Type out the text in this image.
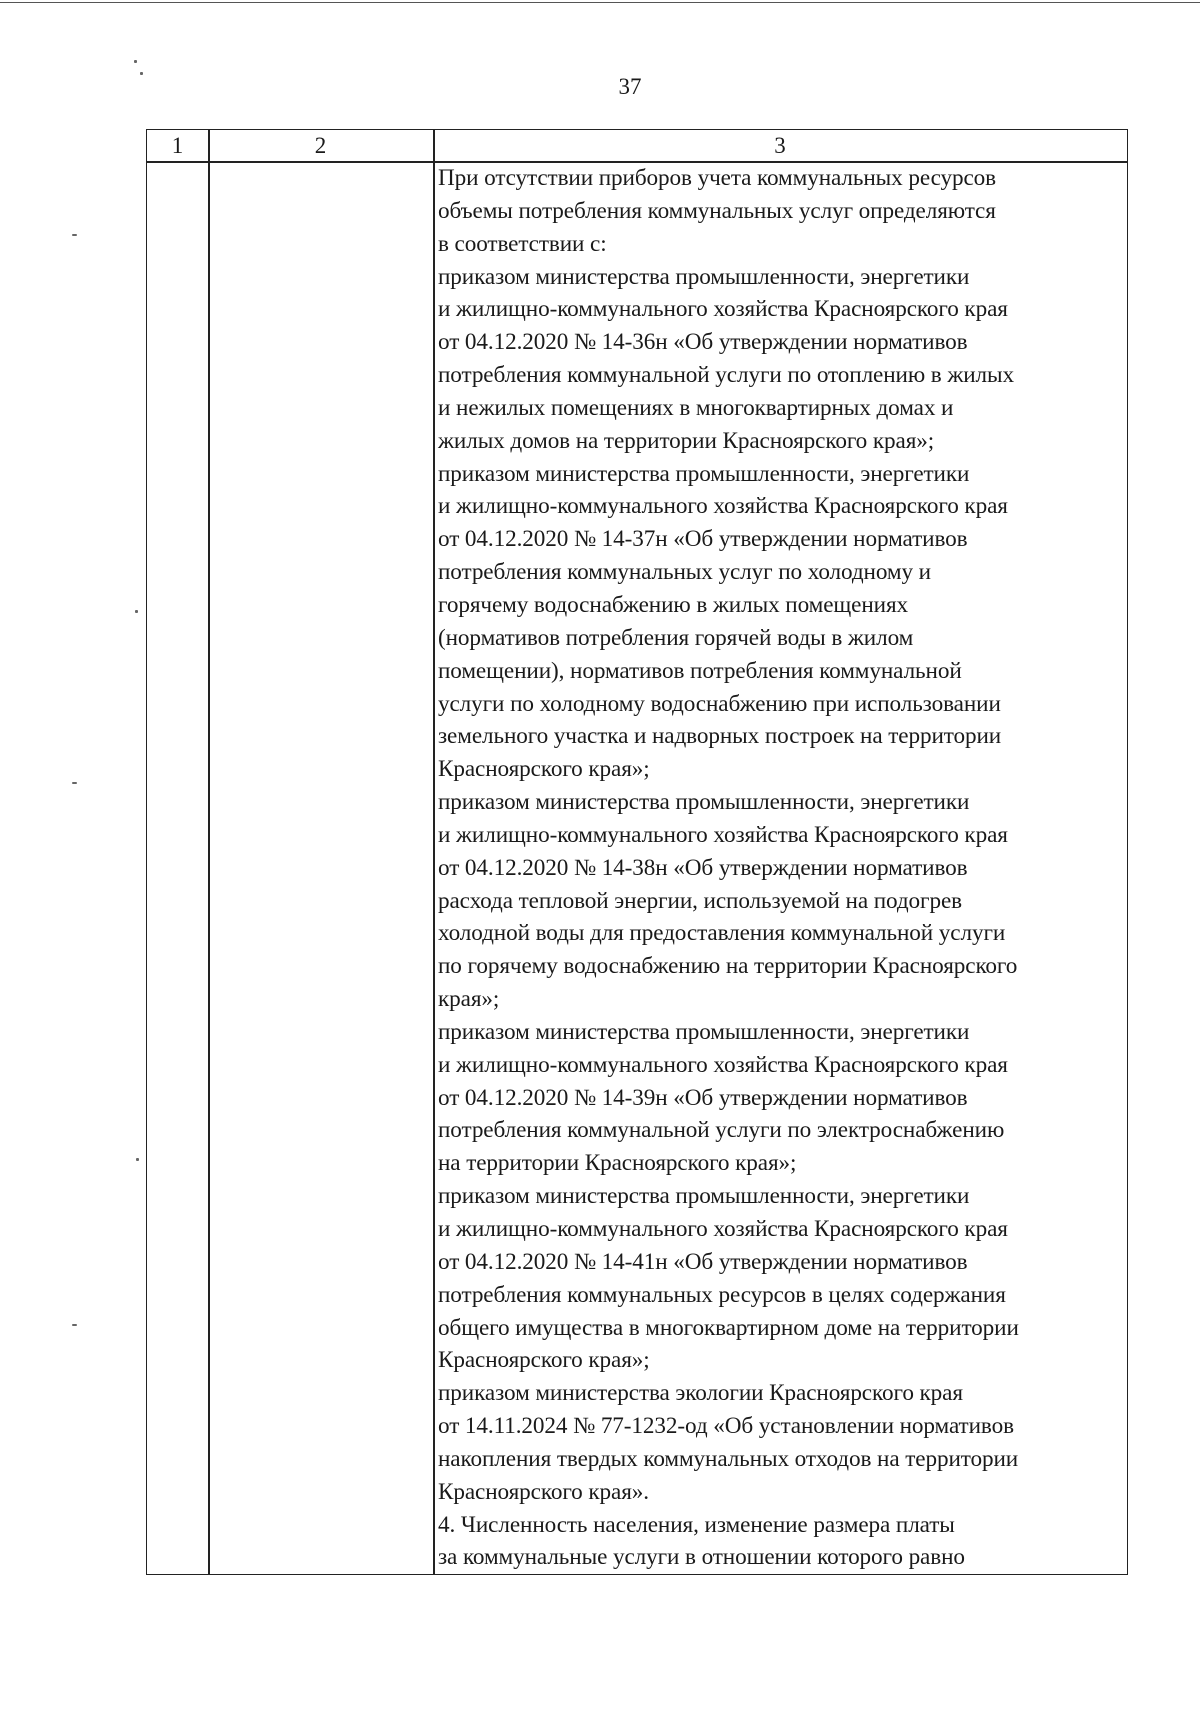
37
1	2	3
При отсутствии приборов учета коммунальных ресурсов
объемы потребления коммунальных услуг определяются
в соответствии с:
приказом министерства промышленности, энергетики
и жилищно-коммунального хозяйства Красноярского края
от 04.12.2020 № 14-36н «Об утверждении нормативов
потребления коммунальной услуги по отоплению в жилых
и нежилых помещениях в многоквартирных домах и
жилых домов на территории Красноярского края»;
приказом министерства промышленности, энергетики
и жилищно-коммунального хозяйства Красноярского края
от 04.12.2020 № 14-37н «Об утверждении нормативов
потребления коммунальных услуг по холодному и
горячему водоснабжению в жилых помещениях
(нормативов потребления горячей воды в жилом
помещении), нормативов потребления коммунальной
услуги по холодному водоснабжению при использовании
земельного участка и надворных построек на территории
Красноярского края»;
приказом министерства промышленности, энергетики
и жилищно-коммунального хозяйства Красноярского края
от 04.12.2020 № 14-38н «Об утверждении нормативов
расхода тепловой энергии, используемой на подогрев
холодной воды для предоставления коммунальной услуги
по горячему водоснабжению на территории Красноярского
края»;
приказом министерства промышленности, энергетики
и жилищно-коммунального хозяйства Красноярского края
от 04.12.2020 № 14-39н «Об утверждении нормативов
потребления коммунальной услуги по электроснабжению
на территории Красноярского края»;
приказом министерства промышленности, энергетики
и жилищно-коммунального хозяйства Красноярского края
от 04.12.2020 № 14-41н «Об утверждении нормативов
потребления коммунальных ресурсов в целях содержания
общего имущества в многоквартирном доме на территории
Красноярского края»;
приказом министерства экологии Красноярского края
от 14.11.2024 № 77-1232-од «Об установлении нормативов
накопления твердых коммунальных отходов на территории
Красноярского края».
4. Численность населения, изменение размера платы
за коммунальные услуги в отношении которого равно
